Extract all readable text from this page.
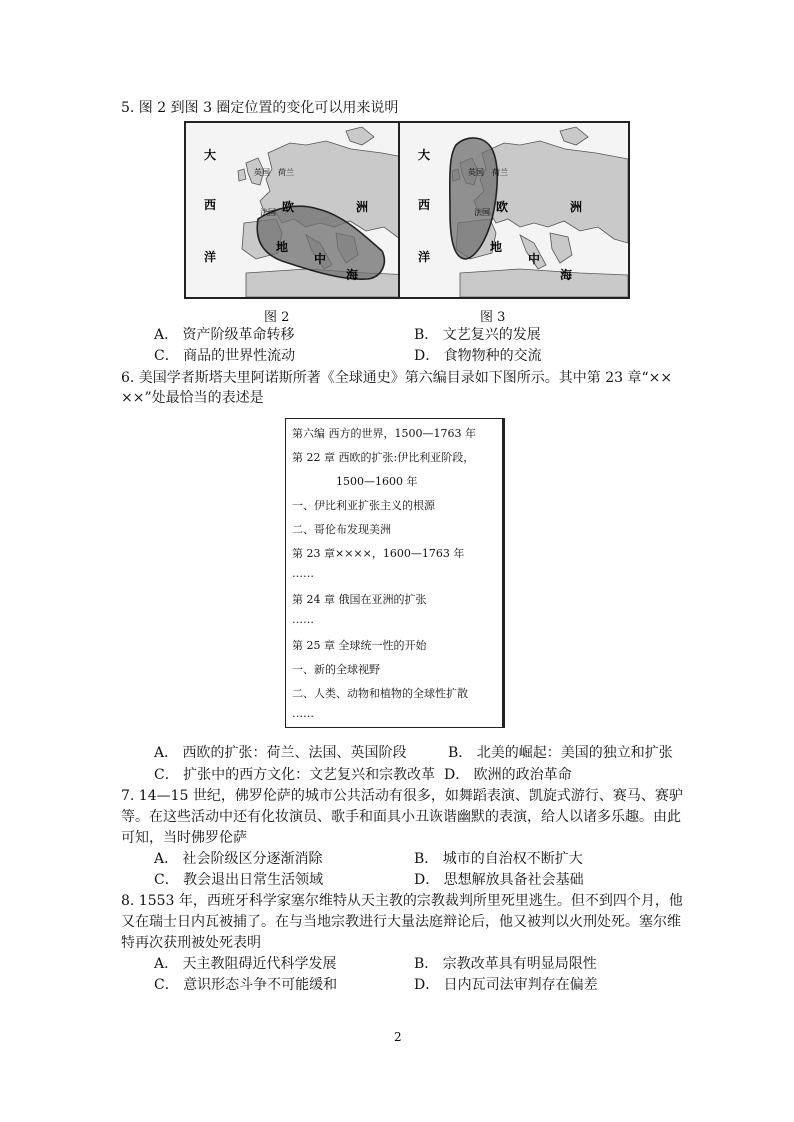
5. 图 2 到图 3 圈定位置的变化可以用来说明
大
西
洋
欧	洲
地
中
海
英国 荷兰
法国
大
西
洋
欧	洲
地
中
海
英国 荷兰
法国
图 2	图 3
A． 资产阶级革命转移	B． 文艺复兴的发展
C． 商品的世界性流动	D． 食物物种的交流
6. 美国学者斯塔夫里阿诺斯所著《全球通史》第六编目录如下图所示。其中第 23 章“××
××”处最恰当的表述是
第六编 西方的世界，1500—1763 年
第 22 章 西欧的扩张:伊比利亚阶段，
1500—1600 年
一、伊比利亚扩张主义的根源
二、哥伦布发现美洲
第 23 章××××，1600—1763 年
……
第 24 章 俄国在亚洲的扩张
……
第 25 章 全球统一性的开始
一、新的全球视野
二、人类、动物和植物的全球性扩散
……
A． 西欧的扩张：荷兰、法国、英国阶段	B． 北美的崛起：美国的独立和扩张
C． 扩张中的西方文化：文艺复兴和宗教改革 D． 欧洲的政治革命
7. 14—15 世纪，佛罗伦萨的城市公共活动有很多，如舞蹈表演、凯旋式游行、赛马、赛驴
等。在这些活动中还有化妆演员、歌手和面具小丑诙谐幽默的表演，给人以诸多乐趣。由此
可知，当时佛罗伦萨
A． 社会阶级区分逐渐消除	B． 城市的自治权不断扩大
C． 教会退出日常生活领域	D． 思想解放具备社会基础
8. 1553 年，西班牙科学家塞尔维特从天主教的宗教裁判所里死里逃生。但不到四个月，他
又在瑞士日内瓦被捕了。在与当地宗教进行大量法庭辩论后，他又被判以火刑处死。塞尔维
特再次获刑被处死表明
A． 天主教阻碍近代科学发展	B． 宗教改革具有明显局限性
C． 意识形态斗争不可能缓和	D． 日内瓦司法审判存在偏差
2
